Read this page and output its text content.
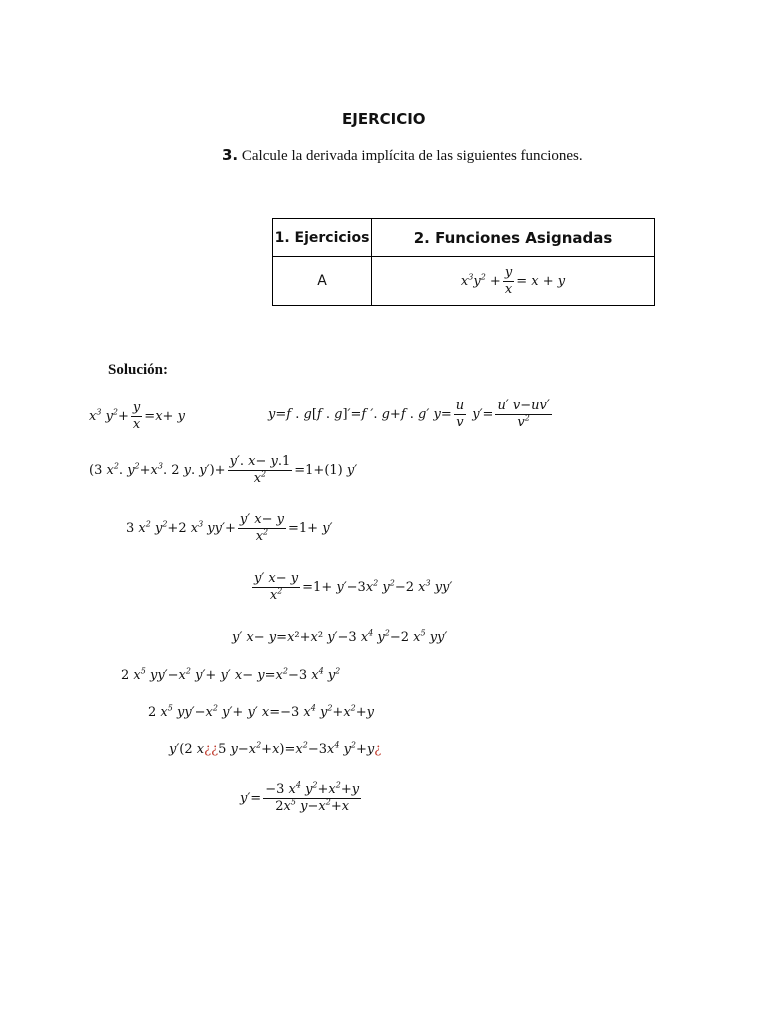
EJERCICIO
3. Calcule la derivada implícita de las siguientes funciones.
1. Ejercicios	2. Funciones Asignadas
A	$x^3y^2 + \frac{y}{x} = x + y$
Solución:
$x^3$ $y^2+ \frac{y}{x} =x+ y$	y=f . g[f . g]′=f ′. g+f . g′ $y= \frac{u}{v} y'= \frac{u' v-uv'}{v^2}$
(3 $x^2$. $y^2+x^3$. 2 y. $y')+ \frac{y'. x- y.1}{x^2} =1+(1)$ y′
3 $x^2$ $y^2+2$ $x^3$ $yy'+ \frac{y' x- y}{x^2} =1+ y'$
$\frac{y' x- y}{x^2} =1+ y'-3x^2$ $y^2-2$ $x^3$ yy′
y′ x− y=x²+x² y′−3 $x^4$ $y^2-2$ $x^5$ yy′
2 $x^5$ $yy'-x^2$ y′+ y′ $x- y=x^2-3$ $x^4$ $y^2$
2 $x^5$ $yy'-x^2$ y′+ y′ x=−3 $x^4$ $y^2+x^2+y$
y′(2 x¿¿5 $y-x^2+x)=x^2-3x^4$ $y^2+y¿$
$y'= \frac{-3 x^4 y^2+x^2+y}{2x^5 y-x^2+x}$
